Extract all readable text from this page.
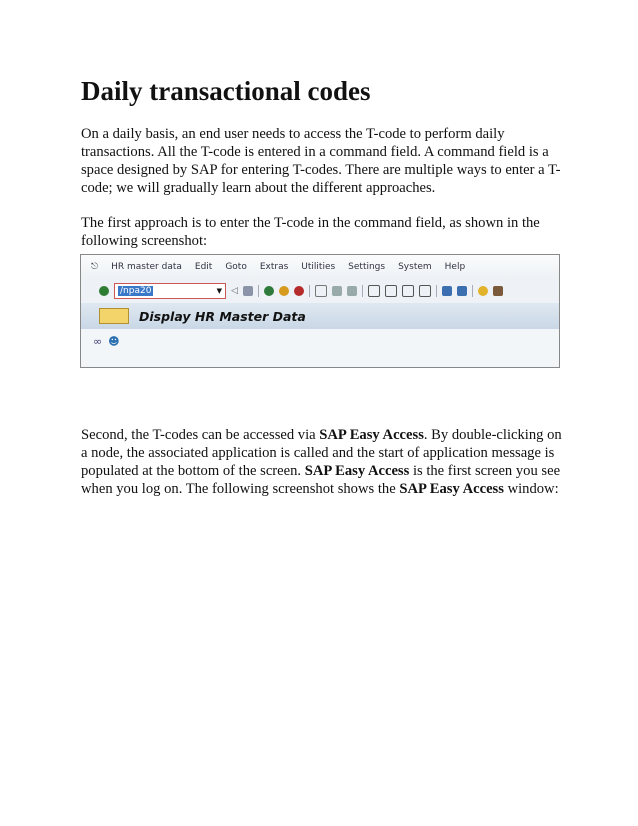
Daily transactional codes

On a daily basis, an end user needs to access the T-code to perform daily transactions. All the T-code is entered in a command field. A command field is a space designed by SAP for entering T-codes. There are multiple ways to enter a T-code; we will gradually learn about the different approaches.

The first approach is to enter the T-code in the command field, as shown in the following screenshot:

⎋ HR master data Edit Goto Extras Utilities Settings System Help
/npa20	▼ ◁
Display HR Master Data
∞ ☻

Second, the T-codes can be accessed via SAP Easy Access. By double-clicking on a node, the associated application is called and the start of application message is populated at the bottom of the screen. SAP Easy Access is the first screen you see when you log on. The following screenshot shows the SAP Easy Access window:
